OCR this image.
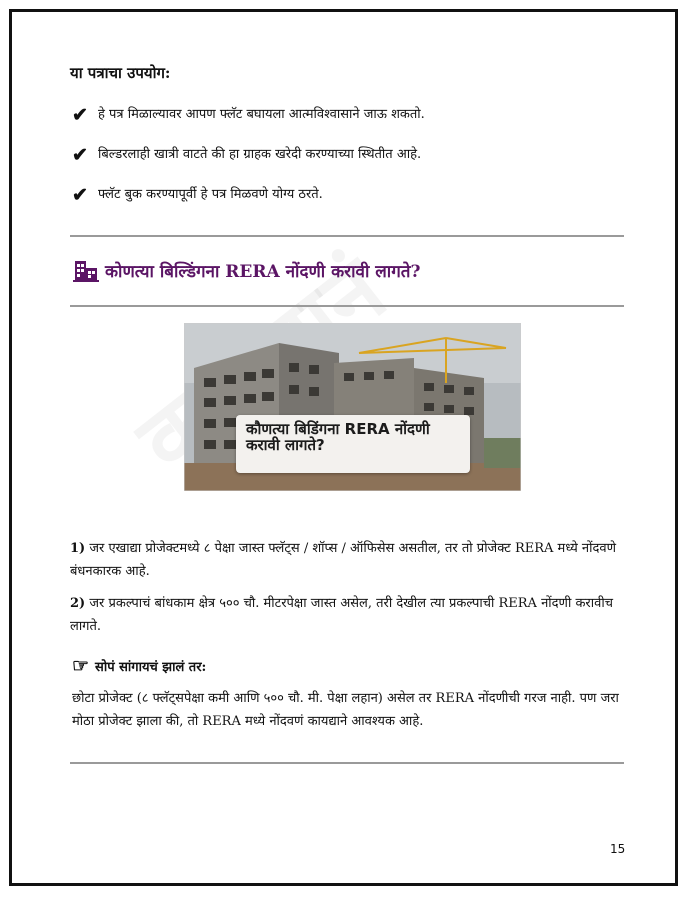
या पत्राचा उपयोग:
✔ हे पत्र मिळाल्यावर आपण फ्लॅट बघायला आत्मविश्वासाने जाऊ शकतो.
✔ बिल्डरलाही खात्री वाटते की हा ग्राहक खरेदी करण्याच्या स्थितीत आहे.
✔ फ्लॅट बुक करण्यापूर्वी हे पत्र मिळवणे योग्य ठरते.
कोणत्या बिल्डिंगना RERA नोंदणी करावी लागते?
कौणत्या बिडिंगना RERA नोंदणी करावी लागते?
1) जर एखाद्या प्रोजेक्टमध्ये ८ पेक्षा जास्त फ्लॅट्स / शॉप्स / ऑफिसेस असतील, तर तो प्रोजेक्ट RERA मध्ये नोंदवणे बंधनकारक आहे.
2) जर प्रकल्पाचं बांधकाम क्षेत्र ५०० चौ. मीटरपेक्षा जास्त असेल, तरी देखील त्या प्रकल्पाची RERA नोंदणी करावीच लागते.
☞ सोपं सांगायचं झालं तर:
छोटा प्रोजेक्ट (८ फ्लॅट्सपेक्षा कमी आणि ५०० चौ. मी. पेक्षा लहान) असेल तर RERA नोंदणीची गरज नाही. पण जरा मोठा प्रोजेक्ट झाला की, तो RERA मध्ये नोंदवणं कायद्याने आवश्यक आहे.
15
